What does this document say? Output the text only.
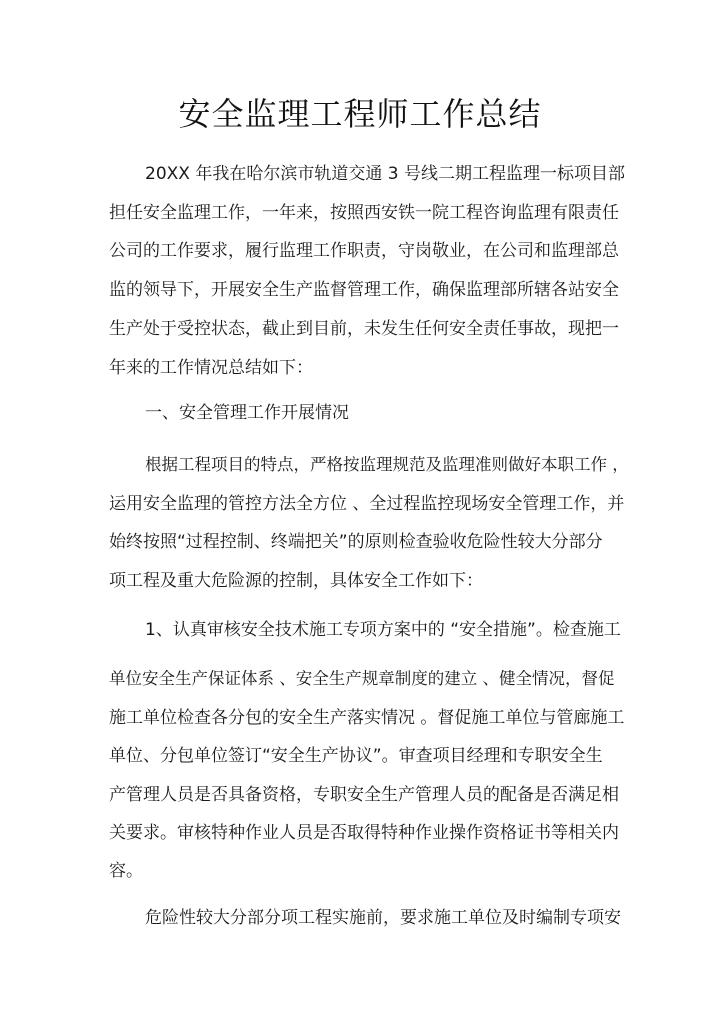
安全监理工程师工作总结
20XX 年我在哈尔滨市轨道交通 3 号线二期工程监理一标项目部
担任安全监理工作，一年来，按照西安铁一院工程咨询监理有限责任
公司的工作要求，履行监理工作职责，守岗敬业，在公司和监理部总
监的领导下，开展安全生产监督管理工作，确保监理部所辖各站安全
生产处于受控状态，截止到目前，未发生任何安全责任事故，现把一
年来的工作情况总结如下：
一、安全管理工作开展情况
根据工程项目的特点，严格按监理规范及监理准则做好本职工作 ，
运用安全监理的管控方法全方位 、全过程监控现场安全管理工作，并
始终按照“过程控制、终端把关”的原则检查验收危险性较大分部分
项工程及重大危险源的控制，具体安全工作如下：
1、认真审核安全技术施工专项方案中的 “安全措施”。检查施工
单位安全生产保证体系 、安全生产规章制度的建立 、健全情况，督促
施工单位检查各分包的安全生产落实情况 。督促施工单位与管廊施工
单位、分包单位签订“安全生产协议”。审查项目经理和专职安全生
产管理人员是否具备资格，专职安全生产管理人员的配备是否满足相
关要求。审核特种作业人员是否取得特种作业操作资格证书等相关内
容。
危险性较大分部分项工程实施前，要求施工单位及时编制专项安
